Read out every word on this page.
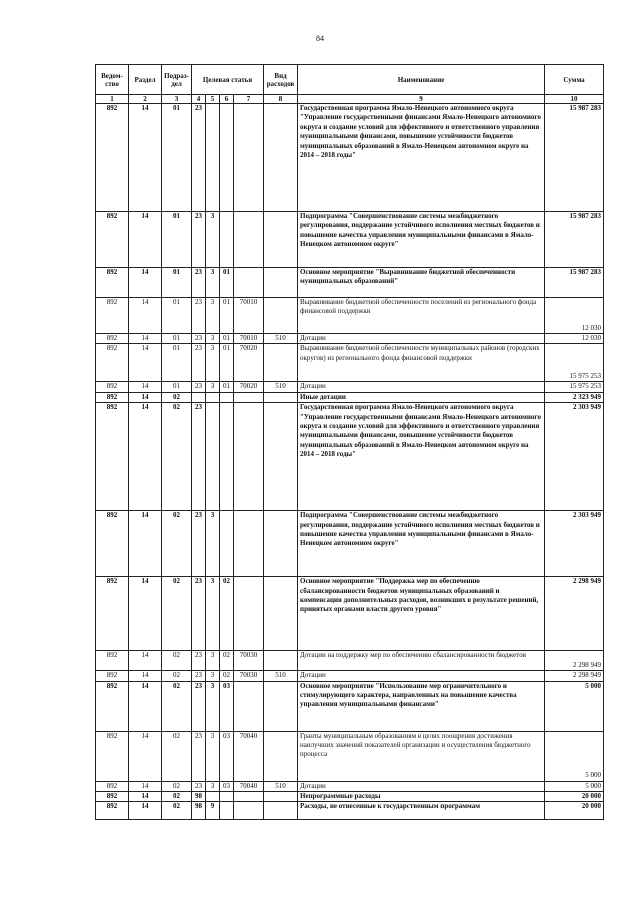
84
Ведом-ство	Раздел	Подраз-дел	Целевая статья				Вид расходов	Наименование	Сумма
1	2	3	4	5	6	7	8	9	10
892	14	01	23					Государственная программа Ямало-Ненецкого автономного округа "Управление государственными финансами Ямало-Ненецкого автономного округа и создание условий для эффективного и ответственного управления муниципальными финансами, повышение устойчивости бюджетов муниципальных образований в Ямало-Ненецком автономном округе на 2014 – 2018 годы"	15 987 283
892	14	01	23	3				Подпрограмма "Совершенствование системы межбюджетного регулирования, поддержание устойчивого исполнения местных бюджетов и повышение качества управления муниципальными финансами в Ямало-Ненецком автономном округе"	15 987 283
892	14	01	23	3	01			Основное мероприятие "Выравнивание бюджетной обеспеченности муниципальных образований"	15 987 283
892	14	01	23	3	01	70010		Выравнивание бюджетной обеспеченности поселений из регионального фонда финансовой поддержки	12 030
892	14	01	23	3	01	70010	510	Дотации	12 030
892	14	01	23	3	01	70020		Выравнивание бюджетной обеспеченности муниципальных районов (городских округов) из регионального фонда финансовой поддержки	15 975 253
892	14	01	23	3	01	70020	510	Дотации	15 975 253
892	14	02						Иные дотации	2 323 949
892	14	02	23					Государственная программа Ямало-Ненецкого автономного округа "Управление государственными финансами Ямало-Ненецкого автономного округа и создание условий для эффективного и ответственного управления муниципальными финансами, повышение устойчивости бюджетов муниципальных образований в Ямало-Ненецком автономном округе на 2014 – 2018 годы"	2 303 949
892	14	02	23	3				Подпрограмма "Совершенствование системы межбюджетного регулирования, поддержание устойчивого исполнения местных бюджетов и повышение качества управления муниципальными финансами в Ямало-Ненецком автономном округе"	2 303 949
892	14	02	23	3	02			Основное мероприятие "Поддержка мер по обеспечению сбалансированности бюджетов муниципальных образований и компенсация дополнительных расходов, возникших в результате решений, принятых органами власти другого уровня"	2 298 949
892	14	02	23	3	02	70030		Дотации на поддержку мер по обеспечению сбалансированности бюджетов	2 298 949
892	14	02	23	3	02	70030	510	Дотации	2 298 949
892	14	02	23	3	03			Основное мероприятие "Использование мер ограничительного и стимулирующего характера, направленных на повышение качества управления муниципальными финансами"	5 000
892	14	02	23	3	03	70040		Гранты муниципальным образованиям в целях поощрения достижения наилучших значений показателей организации и осуществления бюджетного процесса	5 000
892	14	02	23	3	03	70040	510	Дотации	5 000
892	14	02	98					Непрограммные расходы	20 000
892	14	02	98	9				Расходы, не отнесенные к государственным программам	20 000
